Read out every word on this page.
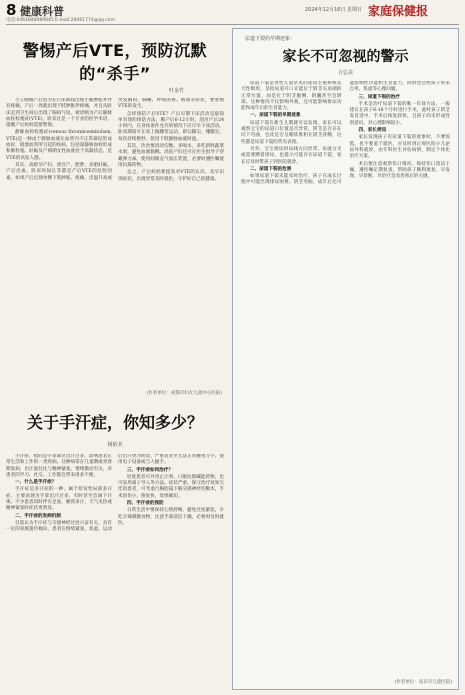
8 健康科普
电话:0461848489845 E-mail:28461774@qq.com
2024年12月16日 星期日 家庭保健报
警惕产后VTE，预防沉默的“杀手”
叶金竹

小王刚刚产后因为在行床期间出现小腿肿胀并伴有疼痛，产后一周就出现下肢肿胀伴疼痛，并且从卧床走到卫生间后出现了胸闷气短，被诊断为产后静脉血栓栓塞症(VTE)，原来这是一个专业的医学术语，提醒产后妈妈需要警惕。

静脉血栓栓塞症(venous thromboembolism, VTE)是一种由于静脉血液在血管内不正常凝结形成血栓，阻塞血管所引起的疾病，包括深静脉血栓形成和肺栓塞。妊娠及产褥期女性血液处于高凝状态，是VTE的高发人群。

其实，高龄孕产妇、剖宫产、肥胖、多胎妊娠、产后出血、卧床时间长等都是产后VTE的危险因素，如果产后出现单侧下肢肿胀、疼痛、皮温升高或突发胸闷、胸痛、呼吸困难、咯血等症状，要警惕VTE的发生。

怎样预防产后VTE？产后早期下床活动是最简单有效的预防方法，顺产后6-12小时、剖宫产后24小时内，在身体条件允许的情况下应尽早下床活动。卧床期间可在床上做踝泵运动，即勾脚尖、绷脚尖，每次持续数秒，促进下肢静脉血液回流。

其次，饮食要清淡均衡，多喝水，多吃新鲜蔬菜水果，避免血液黏稠。高危产妇还可在医生指导下穿戴弹力袜、使用间歇充气加压装置，必要时遵医嘱使用抗凝药物。

总之，产后妈妈要提高对VTE的认识，及早识别症状，出现异常及时就医，守护好自己的健康。

(作者单位：成都市妇女儿童中心医院)
关于手汗症，你知多少？
杨依美

手汗症，指的是手掌部位出汗过多，影响患者正常生活和工作的一类疾病。这种病常在儿童期或青春期发病，出汗量往往与精神紧张、情绪激动有关，对患者的学习、社交、工作都会带来诸多不便。

一、什么是手汗症？

手汗症是多汗症的一种，属于原发性局部多汗症，主要表现为手掌出汗过多，有时甚至会滴下汗珠，不少患者同时伴有足底、腋窝多汗，天气炎热或精神紧张时症状更明显。

二、手汗症的发病机制

目前认为手汗症与交感神经过度兴奋有关，具有一定的家族遗传倾向，患者在情绪紧张、焦虑、运动后出汗更为明显，严重者甚至无法正常握笔写字、使用电子设备或与人握手。

三、手汗症如何治疗？

轻度患者可外用止汗剂、口服抗胆碱能药物，也可采用离子导入等方法。症状严重、保守治疗效果欠佳的患者，可考虑行胸腔镜下胸交感神经切断术，手术创伤小、恢复快，效果确切。

四、手汗症的预防

日常生活中要保持心情舒畅，避免过度紧张，少吃辛辣刺激食物，注意手部清洁干燥，必要时及时就医。

尿道下裂的早期迹象：
家长不可忽视的警示
吉弘美

尿道下裂是男性儿童常见的泌尿生殖系统先天性畸形，是指尿道开口未能位于阴茎头顶端的正常位置，而是位于阴茎腹侧、阴囊甚至会阴部。这种情况不仅影响外观，还可能影响排尿功能和成年后的生育能力。

一、尿道下裂的早期迹象

尿道下裂在新生儿期就可以发现。家长可以观察宝宝的尿道口位置是否异常，阴茎是否存在向下弯曲，包皮是否呈帽状堆积在阴茎背侧，这些都是尿道下裂的常见表现。

另外，宝宝排尿时尿线方向异常、尿流分叉或需要蹲着排尿，也提示可能存在尿道下裂，家长应及时带孩子到医院就诊。

二、尿道下裂的危害

如果尿道下裂未能及时治疗，孩子在成长过程中可能出现排尿困难、阴茎弯曲，成年后还可能影响性功能和生育能力，同时也会给孩子带来自卑、焦虑等心理问题。

三、尿道下裂的治疗

手术是治疗尿道下裂的唯一有效方法，一般建议在孩子6-18个月时进行手术，此时孩子阴茎发育适中，手术后恢复较快，且孩子尚未形成性别意识，对心理影响较小。

四、家长须知

家长发现孩子有尿道下裂的迹象时，不要惊慌，也不要羞于就医，应及时到正规医院小儿泌尿外科就诊，由专科医生评估病情，制定个体化治疗方案。

术后要注意观察伤口情况，保持伤口清洁干燥，遵医嘱定期复查，帮助孩子顺利康复。早发现、早诊断、早治疗是改善预后的关键。

(作者单位：南京市儿童医院)
